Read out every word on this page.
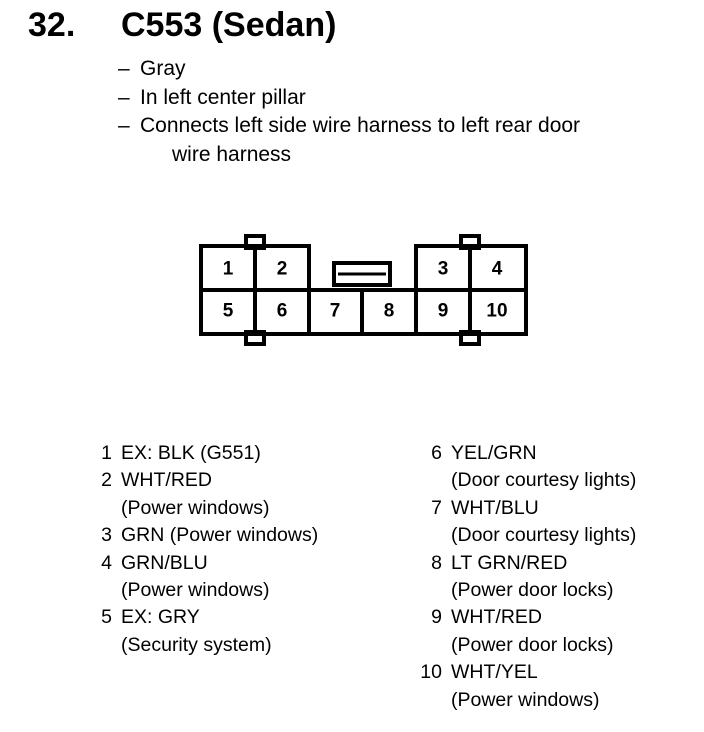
32. C553 (Sedan)
– Gray
– In left center pillar
– Connects left side wire harness to left rear door
wire harness
1 2	3 4
5 6 7 8 9 10
1 EX: BLK (G551)
2 WHT/RED
(Power windows)
3 GRN (Power windows)
4 GRN/BLU
(Power windows)
5 EX: GRY
(Security system)
6 YEL/GRN
(Door courtesy lights)
7 WHT/BLU
(Door courtesy lights)
8 LT GRN/RED
(Power door locks)
9 WHT/RED
(Power door locks)
10 WHT/YEL
(Power windows)
